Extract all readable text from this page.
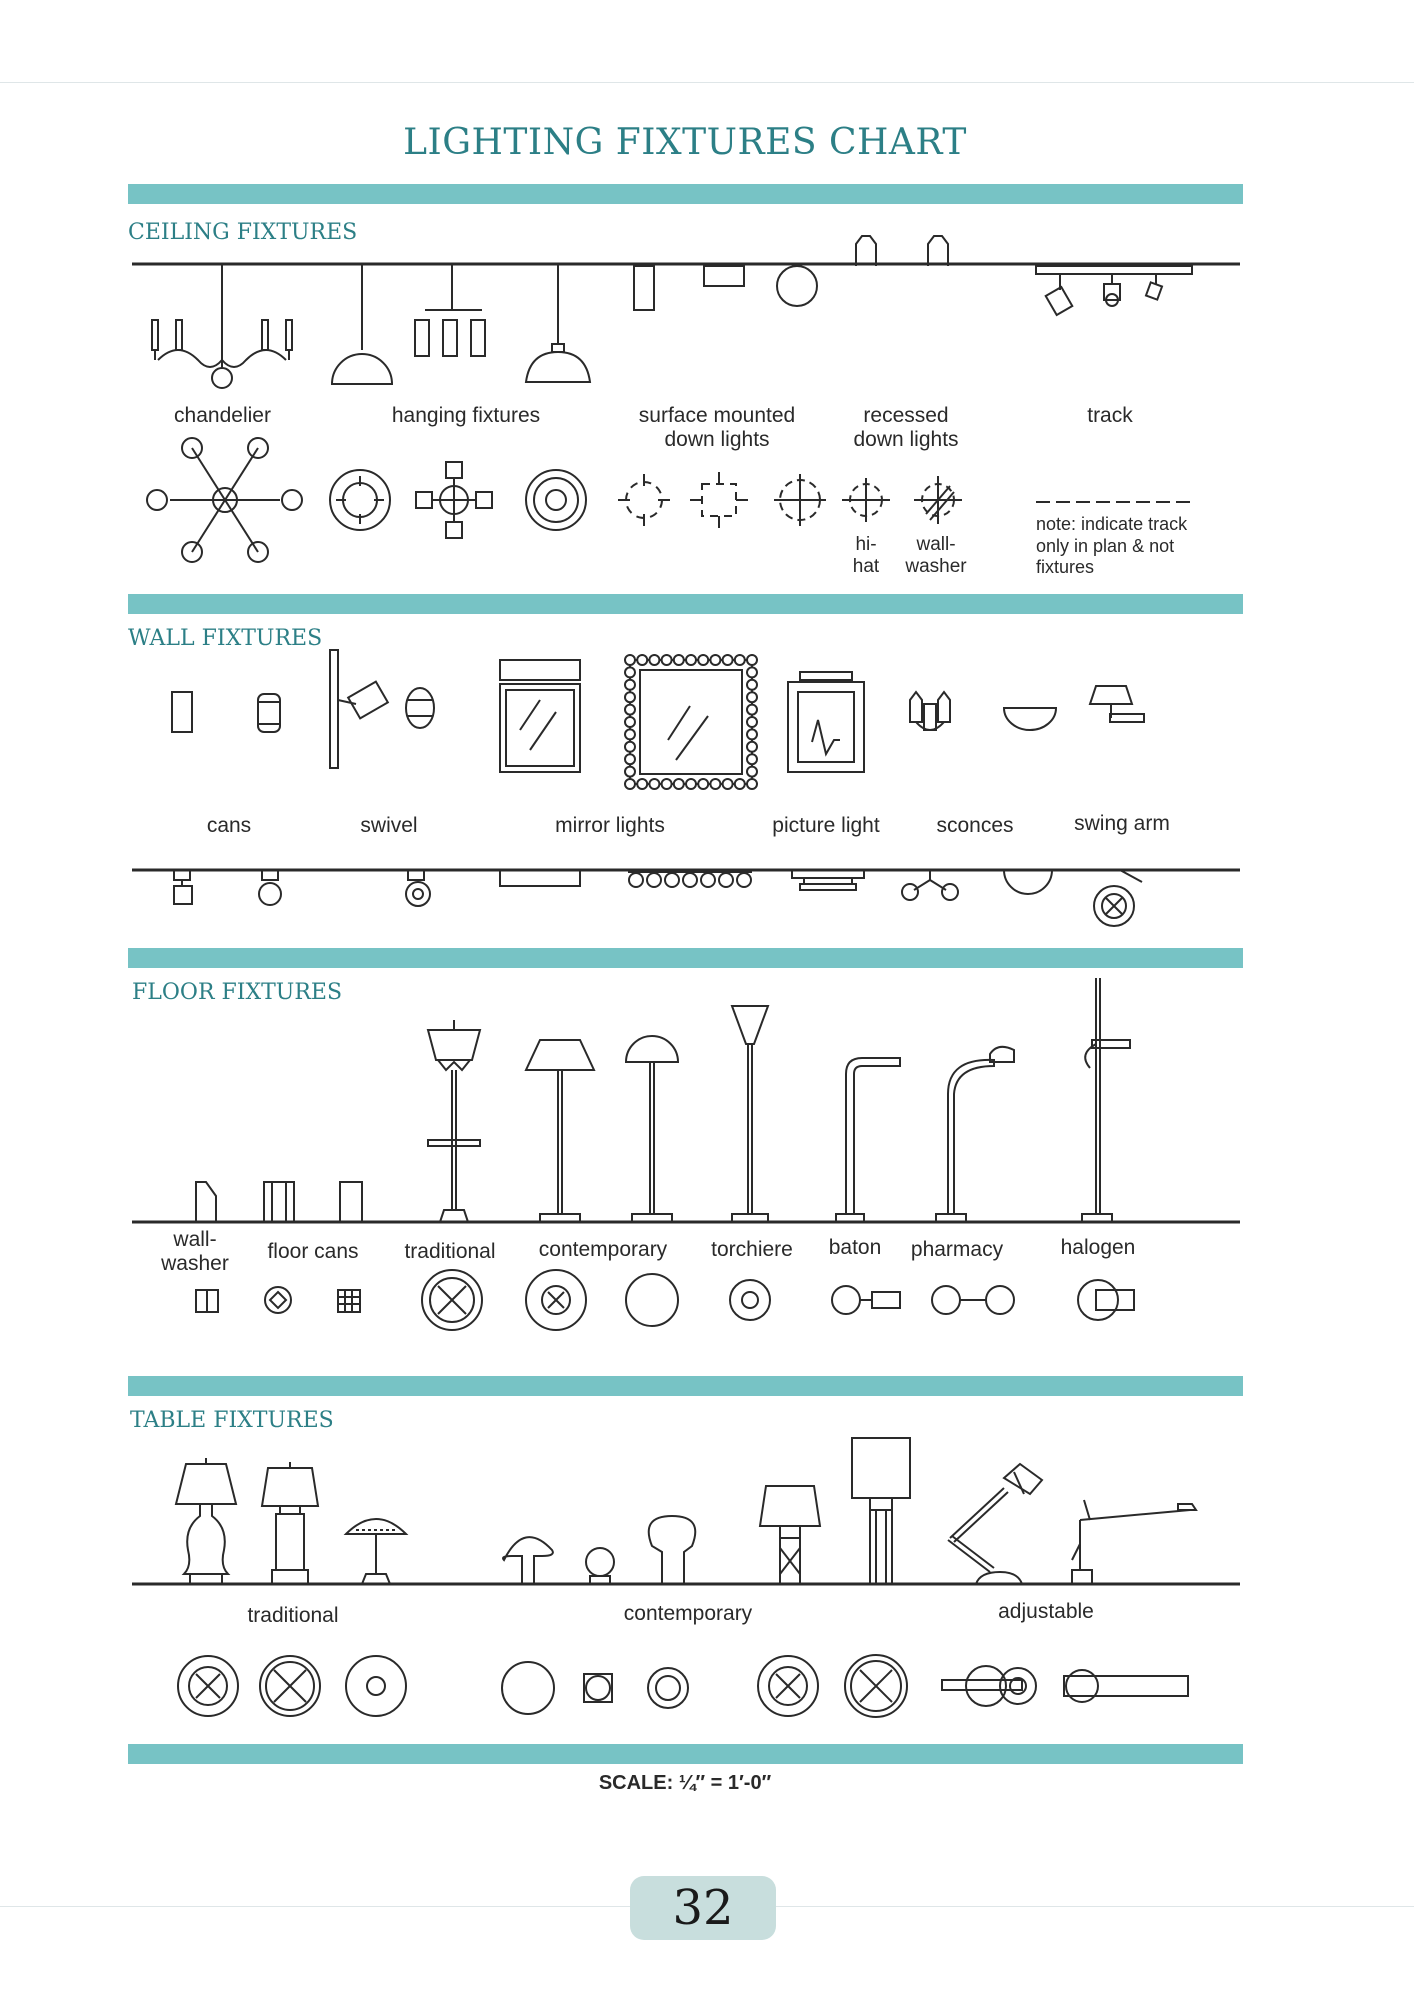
LIGHTING FIXTURES CHART
CEILING FIXTURES
WALL FIXTURES
FLOOR FIXTURES
TABLE FIXTURES
chandelier	hanging fixtures	surface mounted
down lights
recessed
down lights
track
hi-
hat
wall-
washer
note: indicate track
only in plan & not
fixtures
cans	swivel	mirror lights	picture light	sconces	swing arm
wall-
washer
floor cans	traditional	contemporary	torchiere	baton	pharmacy	halogen
traditional	contemporary	adjustable
SCALE: ¼″ = 1′-0″
32
